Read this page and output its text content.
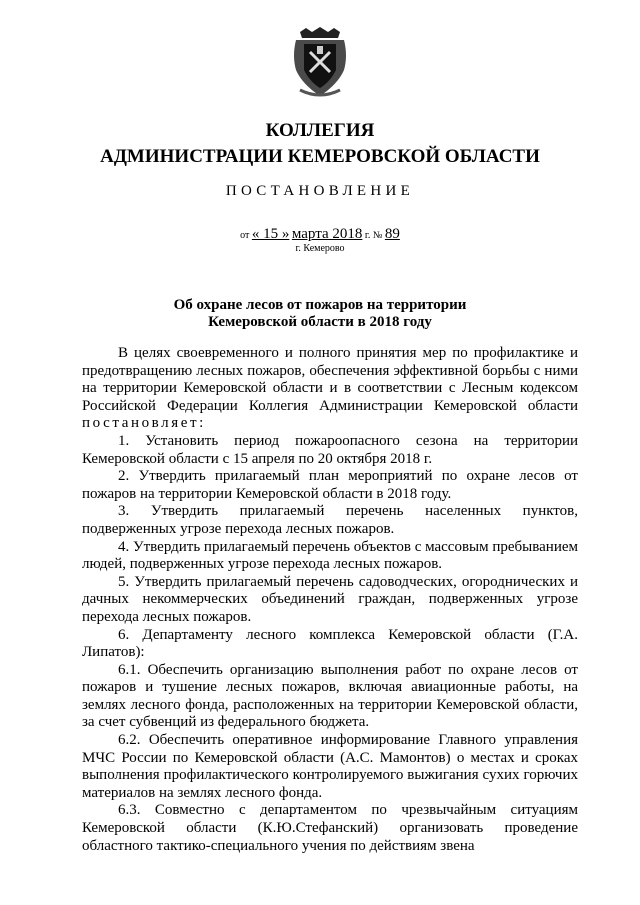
КОЛЛЕГИЯ
АДМИНИСТРАЦИИ КЕМЕРОВСКОЙ ОБЛАСТИ
ПОСТАНОВЛЕНИЕ
от « 15 » марта 2018 г. № 89
г. Кемерово
Об охране лесов от пожаров на территории
Кемеровской области в 2018 году

В целях своевременного и полного принятия мер по профилактике и предотвращению лесных пожаров, обеспечения эффективной борьбы с ними на территории Кемеровской области и в соответствии с Лесным кодексом Российской Федерации Коллегия Администрации Кемеровской области постановляет:

1. Установить период пожароопасного сезона на территории Кемеровской области с 15 апреля по 20 октября 2018 г.

2. Утвердить прилагаемый план мероприятий по охране лесов от пожаров на территории Кемеровской области в 2018 году.

3. Утвердить прилагаемый перечень населенных пунктов, подверженных угрозе перехода лесных пожаров.

4. Утвердить прилагаемый перечень объектов с массовым пребыванием людей, подверженных угрозе перехода лесных пожаров.

5. Утвердить прилагаемый перечень садоводческих, огороднических и дачных некоммерческих объединений граждан, подверженных угрозе перехода лесных пожаров.

6. Департаменту лесного комплекса Кемеровской области (Г.А. Липатов):

6.1. Обеспечить организацию выполнения работ по охране лесов от пожаров и тушение лесных пожаров, включая авиационные работы, на землях лесного фонда, расположенных на территории Кемеровской области, за счет субвенций из федерального бюджета.

6.2. Обеспечить оперативное информирование Главного управления МЧС России по Кемеровской области (А.С. Мамонтов) о местах и сроках выполнения профилактического контролируемого выжигания сухих горючих материалов на землях лесного фонда.

6.3. Совместно с департаментом по чрезвычайным ситуациям Кемеровской области (К.Ю.Стефанский) организовать проведение областного тактико-специального учения по действиям звена
